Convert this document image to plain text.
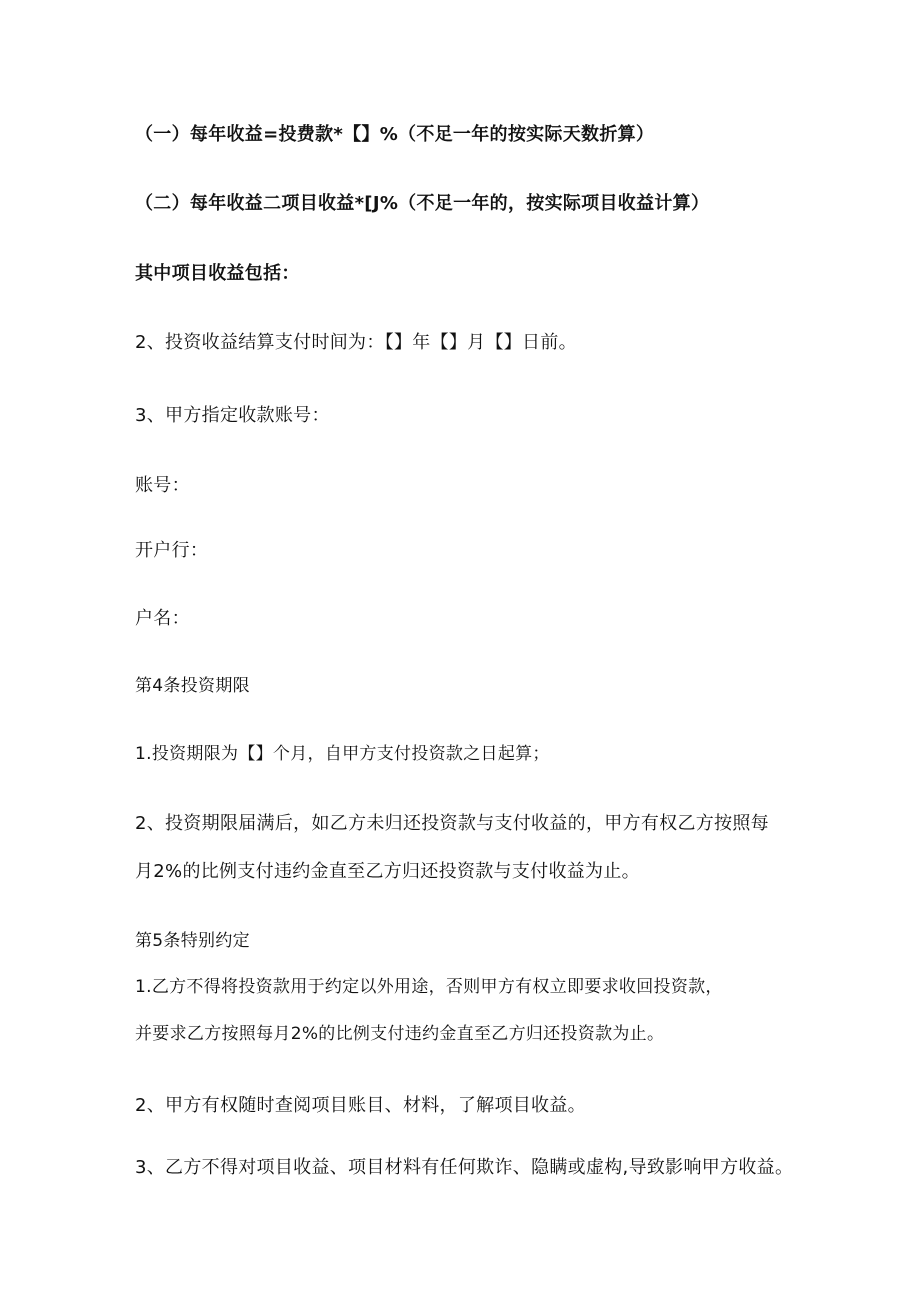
（一）每年收益=投费款*【】%（不足一年的按实际天数折算）
（二）每年收益二项目收益*[J%（不足一年的，按实际项目收益计算）
其中项目收益包括：
2、投资收益结算支付时间为：【】年【】月【】日前。
3、甲方指定收款账号：
账号：
开户行：
户名：
第4条投资期限
1.投资期限为【】个月，自甲方支付投资款之日起算；
2、投资期限届满后，如乙方未归还投资款与支付收益的，甲方有权乙方按照每
月2%的比例支付违约金直至乙方归还投资款与支付收益为止。
第5条特别约定
1.乙方不得将投资款用于约定以外用途，否则甲方有权立即要求收回投资款，
并要求乙方按照每月2%的比例支付违约金直至乙方归还投资款为止。
2、甲方有权随时查阅项目账目、材料，了解项目收益。
3、乙方不得对项目收益、项目材料有任何欺诈、隐瞒或虚构,导致影响甲方收益。
